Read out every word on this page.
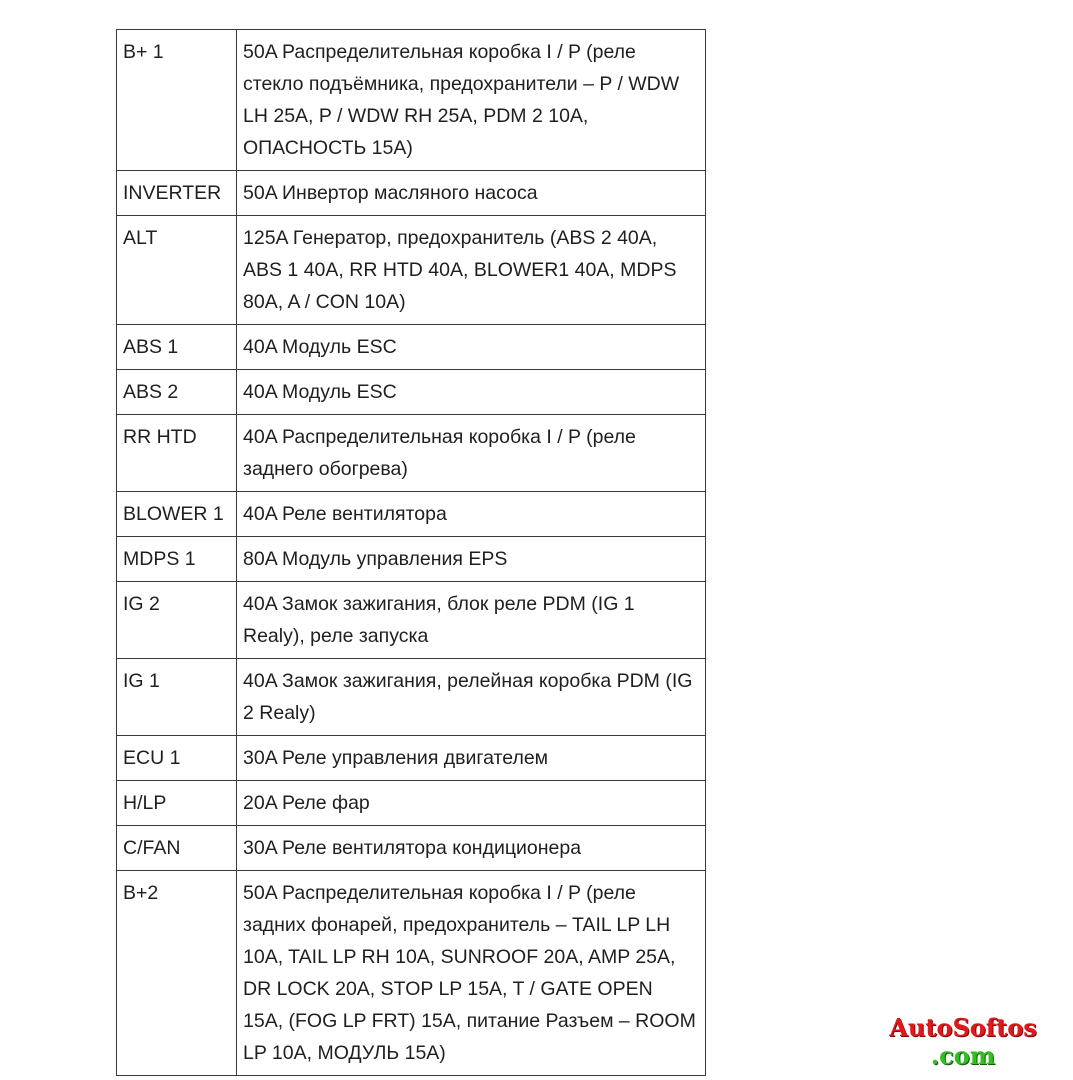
B+ 1	50A Распределительная коробка I / P (реле стекло подъёмника, предохранители – P / WDW LH 25A, P / WDW RH 25A, PDM 2 10A, ОПАСНОСТЬ 15A)
INVERTER	50A Инвертор масляного насоса
ALT	125A Генератор, предохранитель (ABS 2 40A, ABS 1 40A, RR HTD 40A, BLOWER1 40A, MDPS 80A, A / CON 10A)
ABS 1	40A Модуль ESC
ABS 2	40A Модуль ESC
RR HTD	40A Распределительная коробка I / P (реле заднего обогрева)
BLOWER 1	40A Реле вентилятора
MDPS 1	80A Модуль управления EPS
IG 2	40A Замок зажигания, блок реле PDM (IG 1 Realy), реле запуска
IG 1	40A Замок зажигания, релейная коробка PDM (IG 2 Realy)
ECU 1	30A Реле управления двигателем
H/LP	20A Реле фар
C/FAN	30A Реле вентилятора кондиционера
B+2	50A Распределительная коробка I / P (реле задних фонарей, предохранитель – TAIL LP LH 10A, TAIL LP RH 10A, SUNROOF 20A, AMP 25A, DR LOCK 20A, STOP LP 15A, T / GATE OPEN 15A, (FOG LP FRT) 15A, питание Разъем – ROOM LP 10A, МОДУЛЬ 15A)
AutoSoftos
.com
